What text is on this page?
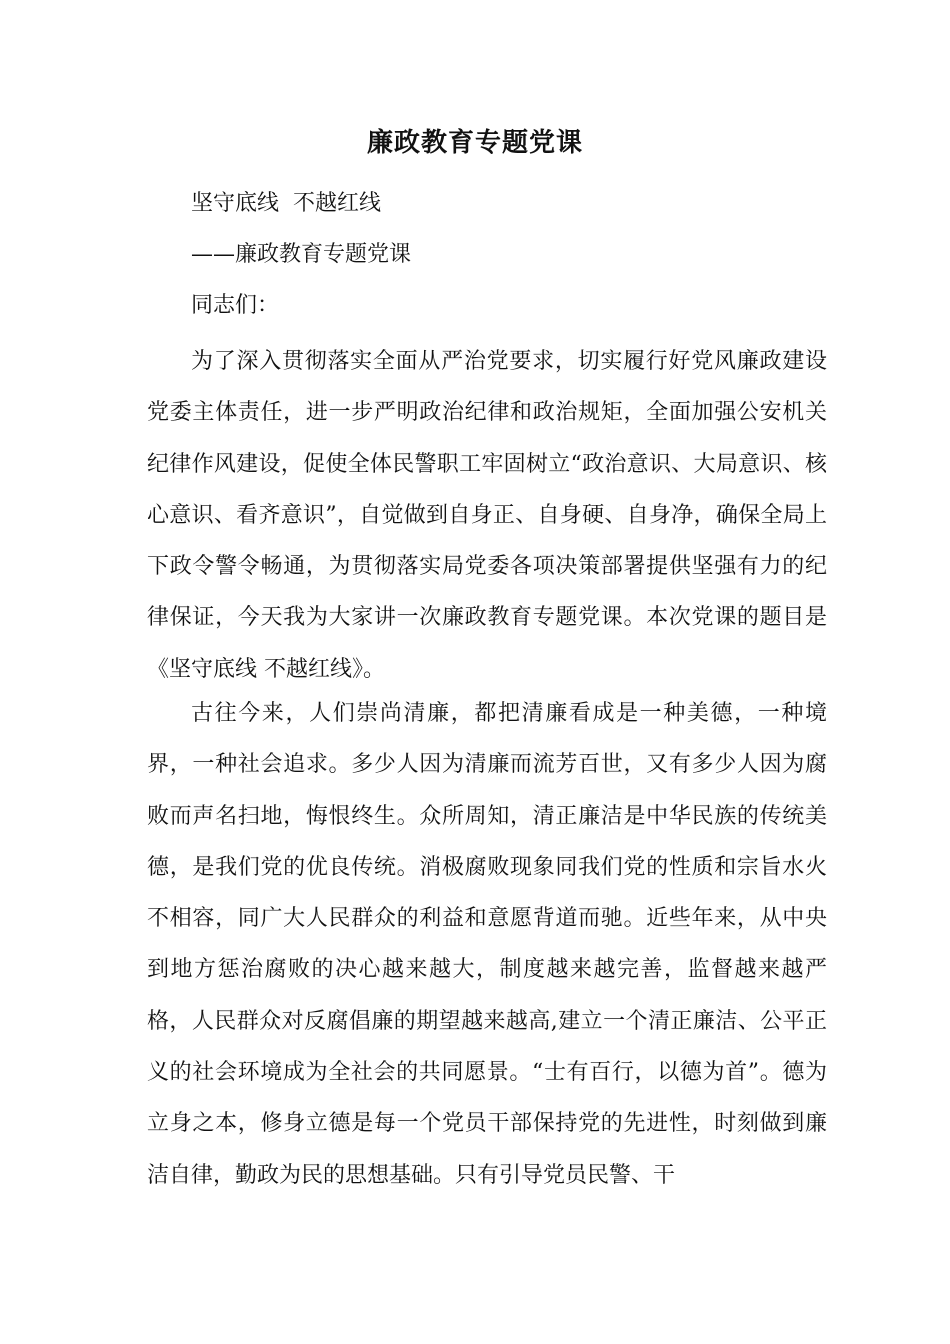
廉政教育专题党课

坚守底线  不越红线

——廉政教育专题党课

同志们：

为了深入贯彻落实全面从严治党要求，切实履行好党风廉政建设党委主体责任，进一步严明政治纪律和政治规矩，全面加强公安机关纪律作风建设，促使全体民警职工牢固树立“政治意识、大局意识、核心意识、看齐意识”，自觉做到自身正、自身硬、自身净，确保全局上下政令警令畅通，为贯彻落实局党委各项决策部署提供坚强有力的纪律保证，今天我为大家讲一次廉政教育专题党课。本次党课的题目是《坚守底线 不越红线》。

古往今来，人们崇尚清廉，都把清廉看成是一种美德，一种境界，一种社会追求。多少人因为清廉而流芳百世，又有多少人因为腐败而声名扫地，悔恨终生。众所周知，清正廉洁是中华民族的传统美德，是我们党的优良传统。消极腐败现象同我们党的性质和宗旨水火不相容，同广大人民群众的利益和意愿背道而驰。近些年来，从中央到地方惩治腐败的决心越来越大，制度越来越完善，监督越来越严格，人民群众对反腐倡廉的期望越来越高,建立一个清正廉洁、公平正义的社会环境成为全社会的共同愿景。“士有百行，以德为首”。德为立身之本，修身立德是每一个党员干部保持党的先进性，时刻做到廉洁自律，勤政为民的思想基础。只有引导党员民警、干
